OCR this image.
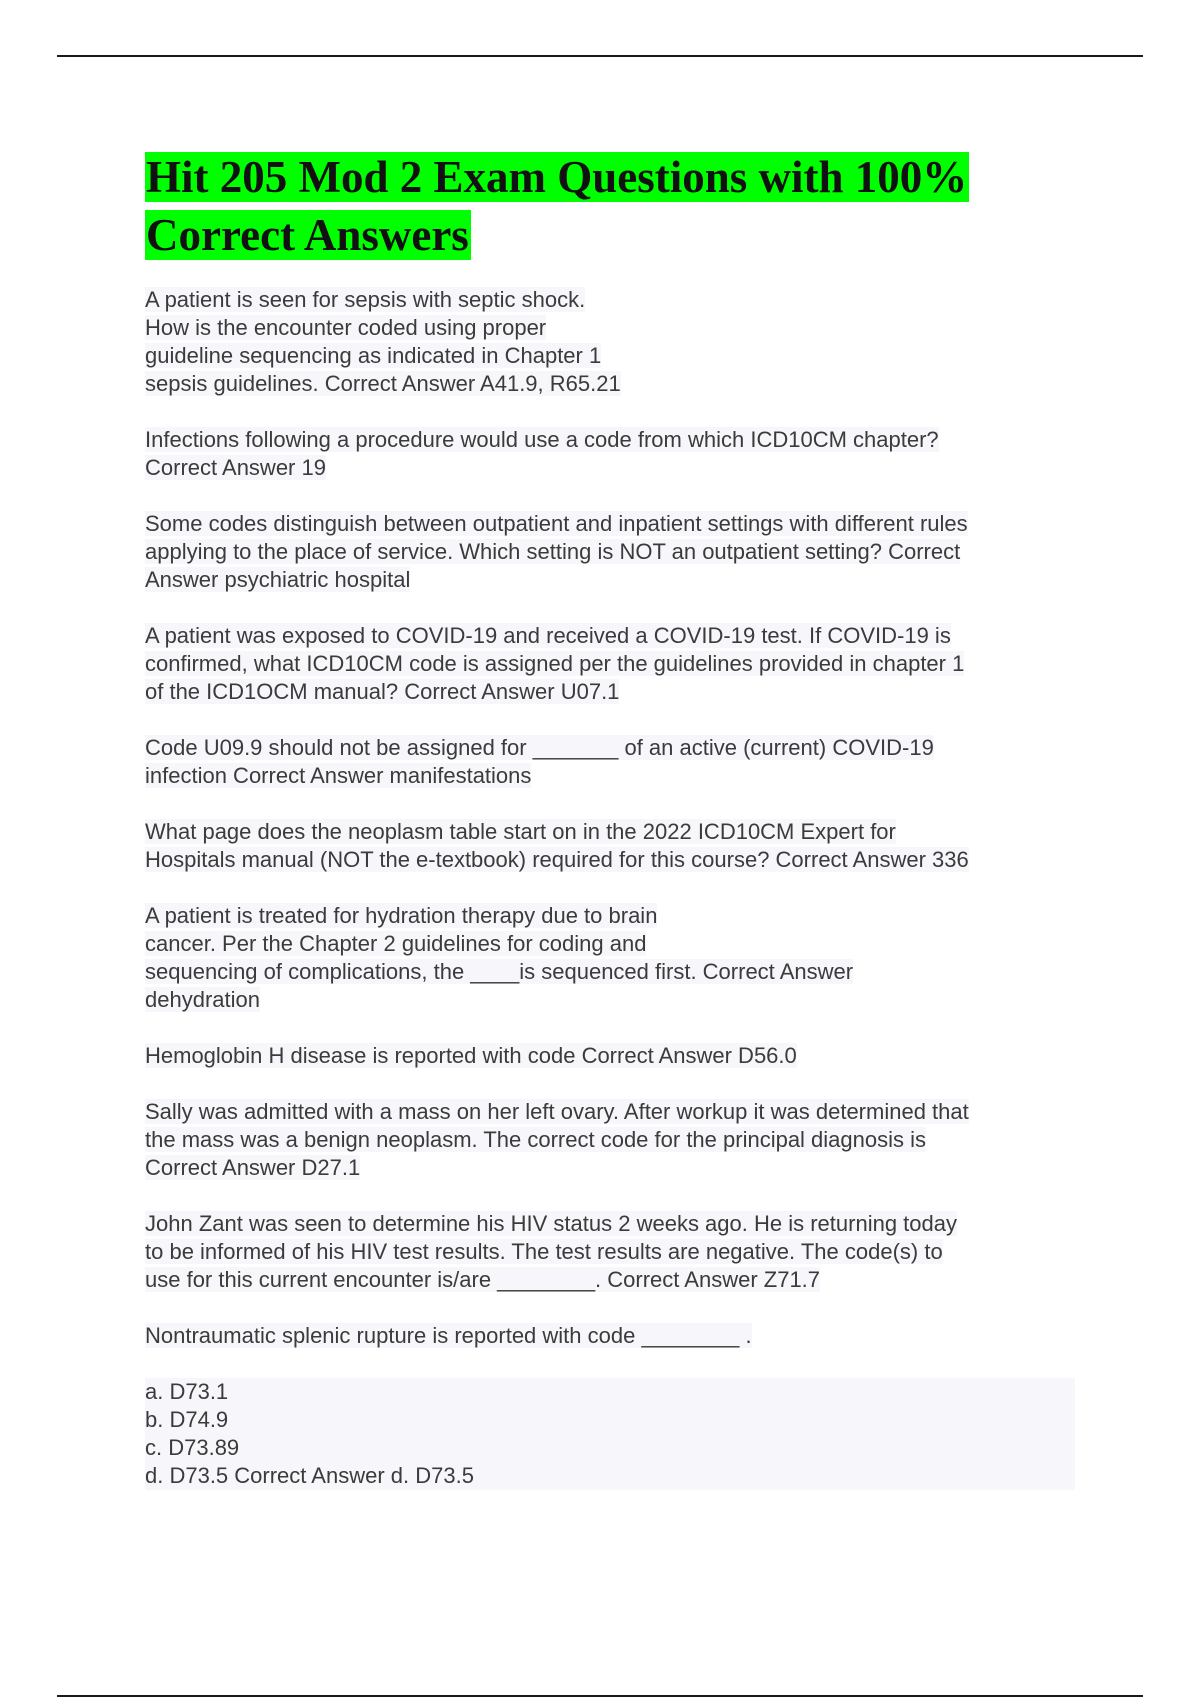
Hit 205 Mod 2 Exam Questions with 100%
Correct Answers

A patient is seen for sepsis with septic shock.
How is the encounter coded using proper
guideline sequencing as indicated in Chapter 1
sepsis guidelines. Correct Answer A41.9, R65.21

Infections following a procedure would use a code from which ICD10CM chapter?
Correct Answer 19

Some codes distinguish between outpatient and inpatient settings with different rules
applying to the place of service. Which setting is NOT an outpatient setting? Correct
Answer psychiatric hospital

A patient was exposed to COVID-19 and received a COVID-19 test. If COVID-19 is
confirmed, what ICD10CM code is assigned per the guidelines provided in chapter 1
of the ICD1OCM manual? Correct Answer U07.1

Code U09.9 should not be assigned for _______ of an active (current) COVID-19
infection Correct Answer manifestations

What page does the neoplasm table start on in the 2022 ICD10CM Expert for
Hospitals manual (NOT the e-textbook) required for this course? Correct Answer 336

A patient is treated for hydration therapy due to brain
cancer. Per the Chapter 2 guidelines for coding and
sequencing of complications, the ____is sequenced first. Correct Answer
dehydration

Hemoglobin H disease is reported with code Correct Answer D56.0

Sally was admitted with a mass on her left ovary. After workup it was determined that
the mass was a benign neoplasm. The correct code for the principal diagnosis is
Correct Answer D27.1

John Zant was seen to determine his HIV status 2 weeks ago. He is returning today
to be informed of his HIV test results. The test results are negative. The code(s) to
use for this current encounter is/are ________. Correct Answer Z71.7

Nontraumatic splenic rupture is reported with code ________ .

a. D73.1
b. D74.9
c. D73.89
d. D73.5 Correct Answer d. D73.5
